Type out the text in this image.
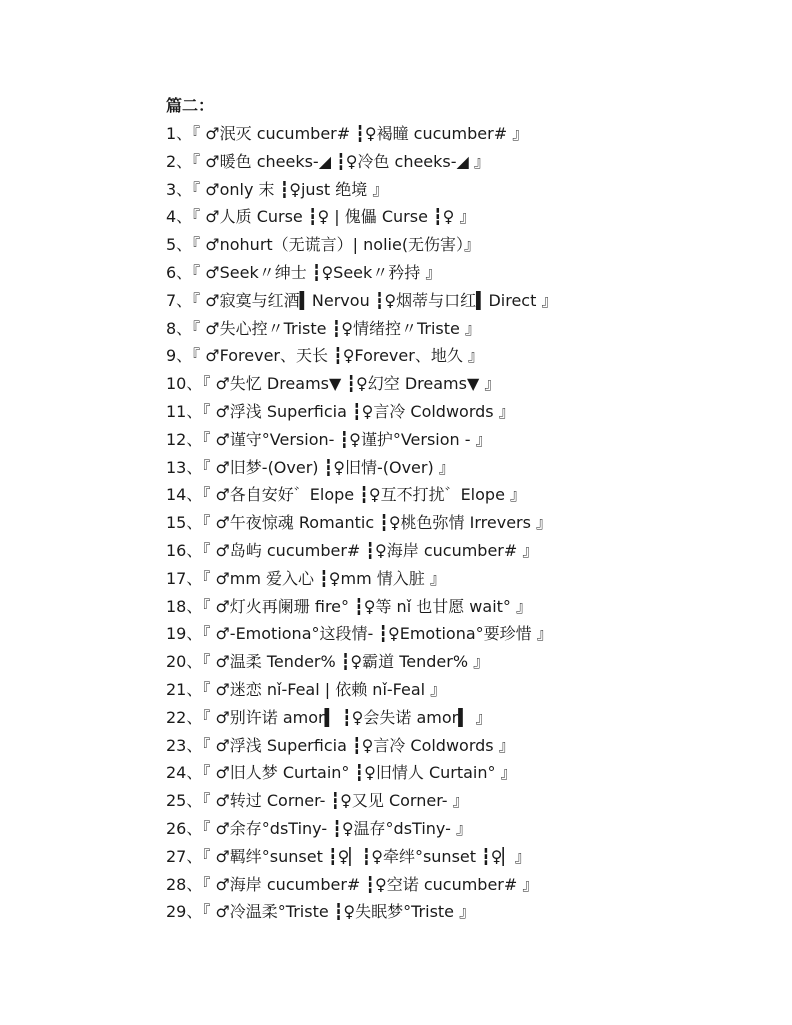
篇二：
1、『 ♂泯灭 cucumber# ┇♀褐瞳 cucumber# 』
2、『 ♂暖色 cheeks-◢ ┇♀冷色 cheeks-◢ 』
3、『 ♂only 末 ┇♀just 绝境 』
4、『 ♂人质 Curse ┇♀ | 傀儡 Curse ┇♀ 』
5、『 ♂nohurt（无谎言）| nolie(无伤害）』
6、『 ♂Seek〃绅士 ┇♀Seek〃矜持 』
7、『 ♂寂寞与红酒▍Nervou ┇♀烟蒂与口红▍Direct 』
8、『 ♂失心控〃Triste ┇♀情绪控〃Triste 』
9、『 ♂Forever、天长 ┇♀Forever、地久 』
10、『 ♂失忆 Dreams▼ ┇♀幻空 Dreams▼ 』
11、『 ♂浮浅 Superficia ┇♀言冷 Coldwords 』
12、『 ♂谨守°Version- ┇♀谨护°Version - 』
13、『 ♂旧梦-(Over) ┇♀旧情-(Over) 』
14、『 ♂各自安好゛Elope ┇♀互不打扰゛Elope 』
15、『 ♂午夜惊魂 Romantic ┇♀桃色弥情 Irrevers 』
16、『 ♂岛屿 cucumber# ┇♀海岸 cucumber# 』
17、『 ♂mm 爱入心 ┇♀mm 情入脏 』
18、『 ♂灯火再阑珊 fire° ┇♀等 nǐ 也甘愿 wait° 』
19、『 ♂-Emotiona°这段情- ┇♀Emotiona°要珍惜 』
20、『 ♂温柔 Tender% ┇♀霸道 Tender% 』
21、『 ♂迷恋 nǐ-Feal | 依赖 nǐ-Feal 』
22、『 ♂别许诺 amor▍ ┇♀会失诺 amor▍ 』
23、『 ♂浮浅 Superficia ┇♀言冷 Coldwords 』
24、『 ♂旧人梦 Curtain° ┇♀旧情人 Curtain° 』
25、『 ♂转过 Corner- ┇♀又见 Corner- 』
26、『 ♂余存°dsTiny- ┇♀温存°dsTiny- 』
27、『 ♂羁绊°sunset ┇♀▏┇♀牵绊°sunset ┇♀▏』
28、『 ♂海岸 cucumber# ┇♀空诺 cucumber# 』
29、『 ♂冷温柔°Triste ┇♀失眠梦°Triste 』
